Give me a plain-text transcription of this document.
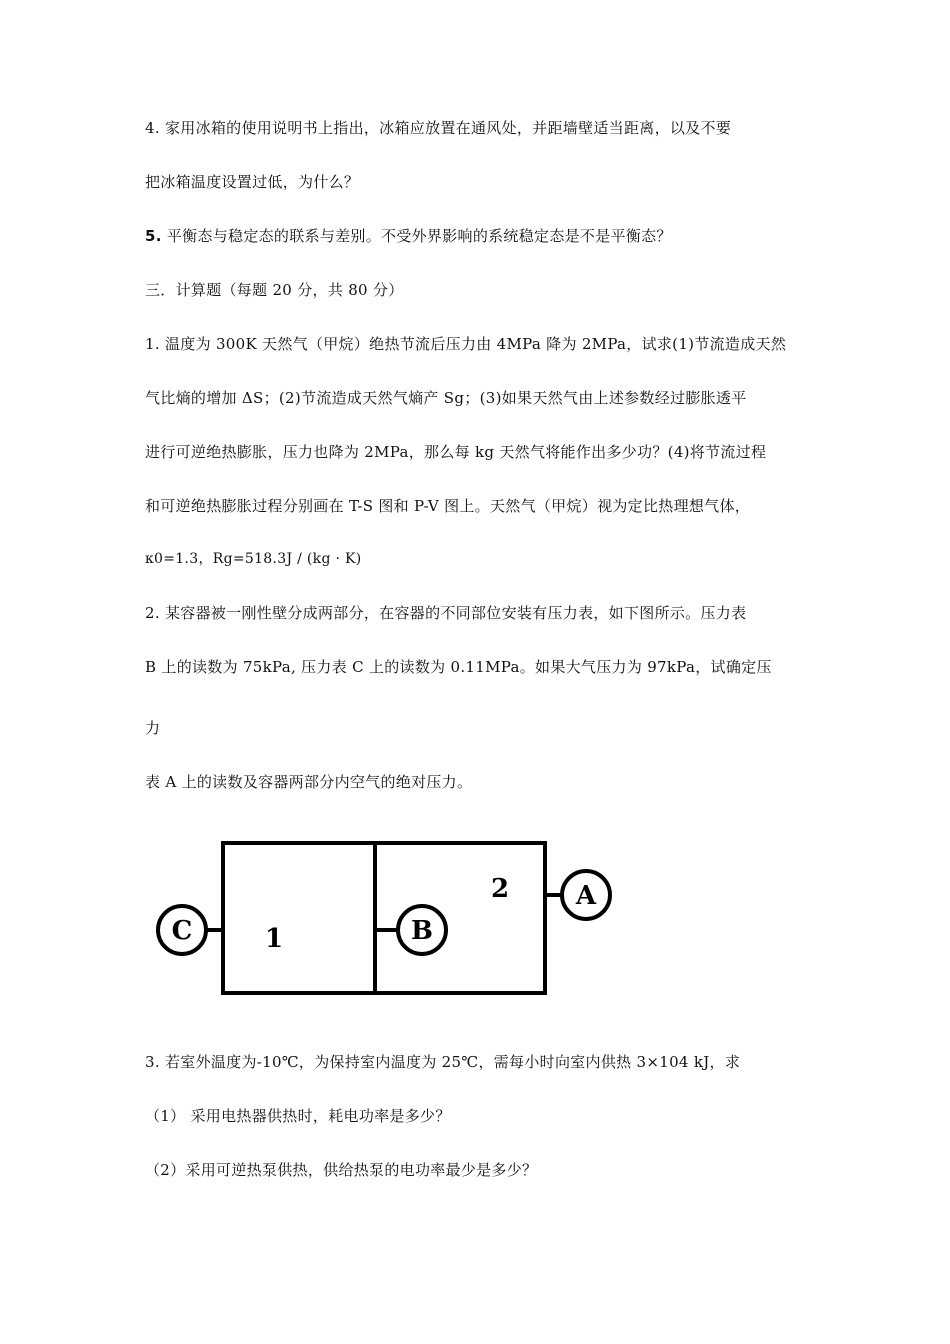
4. 家用冰箱的使用说明书上指出，冰箱应放置在通风处，并距墙壁适当距离，以及不要
把冰箱温度设置过低，为什么？
5. 平衡态与稳定态的联系与差别。不受外界影响的系统稳定态是不是平衡态？
三．计算题（每题 20 分，共 80 分）
1. 温度为 300K 天然气（甲烷）绝热节流后压力由 4MPa 降为 2MPa，试求(1)节流造成天然
气比熵的增加 ΔS；(2)节流造成天然气熵产 Sg；(3)如果天然气由上述参数经过膨胀透平
进行可逆绝热膨胀，压力也降为 2MPa，那么每 kg 天然气将能作出多少功？(4)将节流过程
和可逆绝热膨胀过程分别画在 T-S 图和 P-V 图上。天然气（甲烷）视为定比热理想气体，
κ0=1.3，Rg=518.3J / (kg · K)
2. 某容器被一刚性壁分成两部分，在容器的不同部位安装有压力表，如下图所示。压力表
B 上的读数为 75kPa, 压力表 C 上的读数为 0.11MPa。如果大气压力为 97kPa，试确定压
力
表 A 上的读数及容器两部分内空气的绝对压力。
C	B
A
1
2
3. 若室外温度为-10℃，为保持室内温度为 25℃，需每小时向室内供热 3×104 kJ，求
（1） 采用电热器供热时，耗电功率是多少？
（2）采用可逆热泵供热，供给热泵的电功率最少是多少？
